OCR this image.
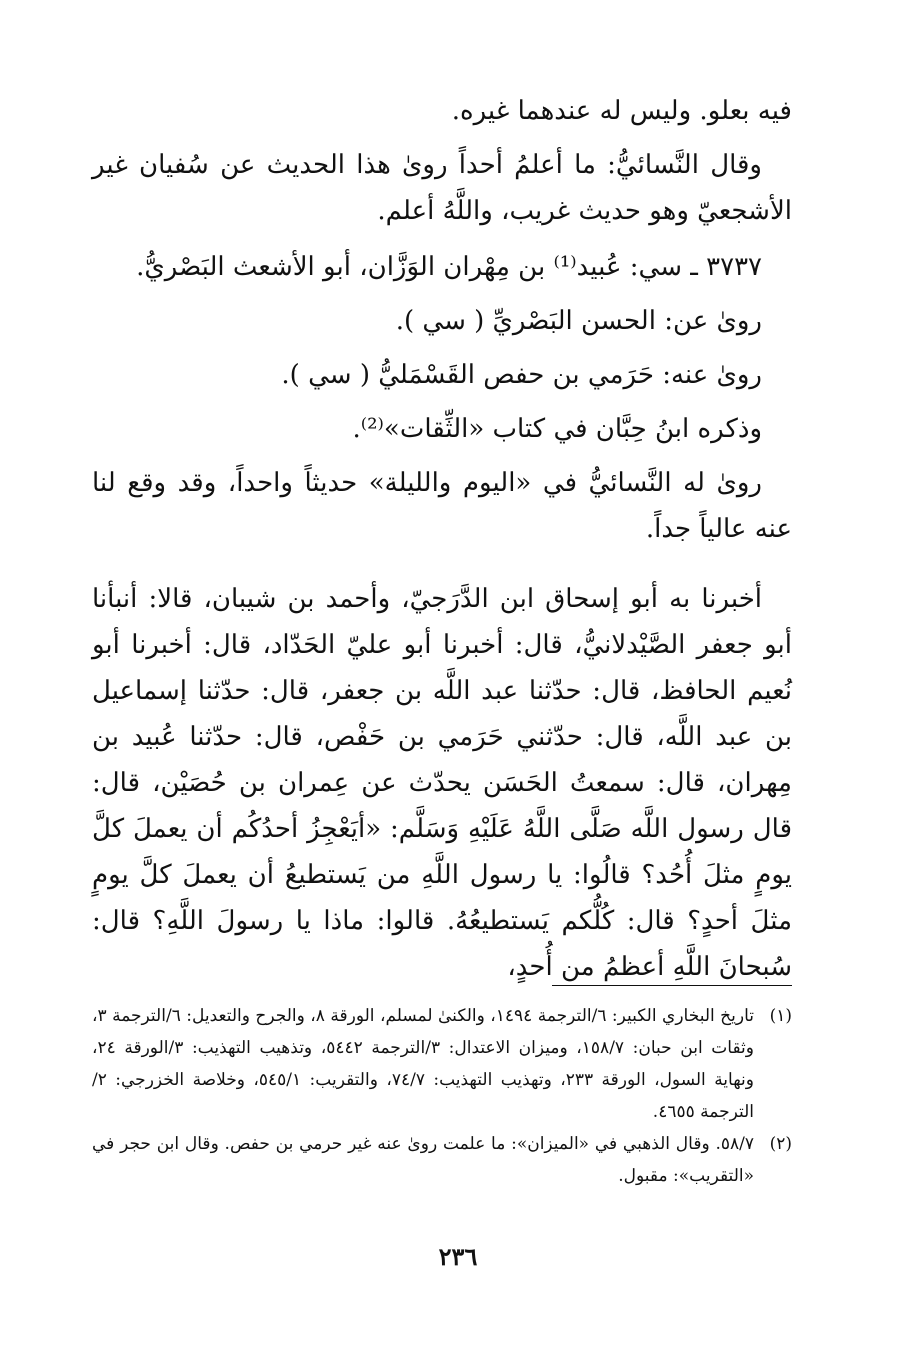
فيه بعلو. وليس له عندهما غيره.

وقال النَّسائيُّ: ما أعلمُ أحداً روىٰ هذا الحديث عن سُفيان غير الأشجعيّ وهو حديث غريب، واللَّهُ أعلم.

٣٧٣٧ ـ سي: عُبيد⁽¹⁾ بن مِهْران الوَزَّان، أبو الأشعث البَصْريُّ.

روىٰ عن: الحسن البَصْريِّ ( سي ).

روىٰ عنه: حَرَمي بن حفص القَسْمَليُّ ( سي ).

وذكره ابنُ حِبَّان في كتاب «الثِّقات»⁽²⁾.

روىٰ له النَّسائيُّ في «اليوم والليلة» حديثاً واحداً، وقد وقع لنا عنه عالياً جداً.

أخبرنا به أبو إسحاق ابن الدَّرَجيّ، وأحمد بن شيبان، قالا: أنبأنا أبو جعفر الصَّيْدلانيُّ، قال: أخبرنا أبو عليّ الحَدّاد، قال: أخبرنا أبو نُعيم الحافظ، قال: حدّثنا عبد اللَّه بن جعفر، قال: حدّثنا إسماعيل بن عبد اللَّه، قال: حدّثني حَرَمي بن حَفْص، قال: حدّثنا عُبيد بن مِهران، قال: سمعتُ الحَسَن يحدّث عن عِمران بن حُصَيْن، قال: قال رسول اللَّه صَلَّى اللَّهُ عَلَيْهِ وَسَلَّم: «أيَعْجِزُ أحدُكُم أن يعملَ كلَّ يومٍ مثلَ أُحُد؟ قالُوا: يا رسول اللَّهِ من يَستطيعُ أن يعملَ كلَّ يومٍ مثلَ أحدٍ؟ قال: كُلُّكم يَستطيعُهُ. قالوا: ماذا يا رسولَ اللَّهِ؟ قال: سُبحانَ اللَّهِ أعظمُ من أُحدٍ،

(١)
تاريخ البخاري الكبير: ٦/الترجمة ١٤٩٤، والكنىٰ لمسلم، الورقة ٨، والجرح والتعديل: ٦/الترجمة ٣، وثقات ابن حبان: ١٥٨/٧، وميزان الاعتدال: ٣/الترجمة ٥٤٤٢، وتذهيب التهذيب: ٣/الورقة ٢٤، ونهاية السول، الورقة ٢٣٣، وتهذيب التهذيب: ٧٤/٧، والتقريب: ٥٤٥/١، وخلاصة الخزرجي: ٢/الترجمة ٤٦٥٥.
(٢)
٥٨/٧. وقال الذهبي في «الميزان»: ما علمت روىٰ عنه غير حرمي بن حفص. وقال ابن حجر في «التقريب»: مقبول.
٢٣٦
